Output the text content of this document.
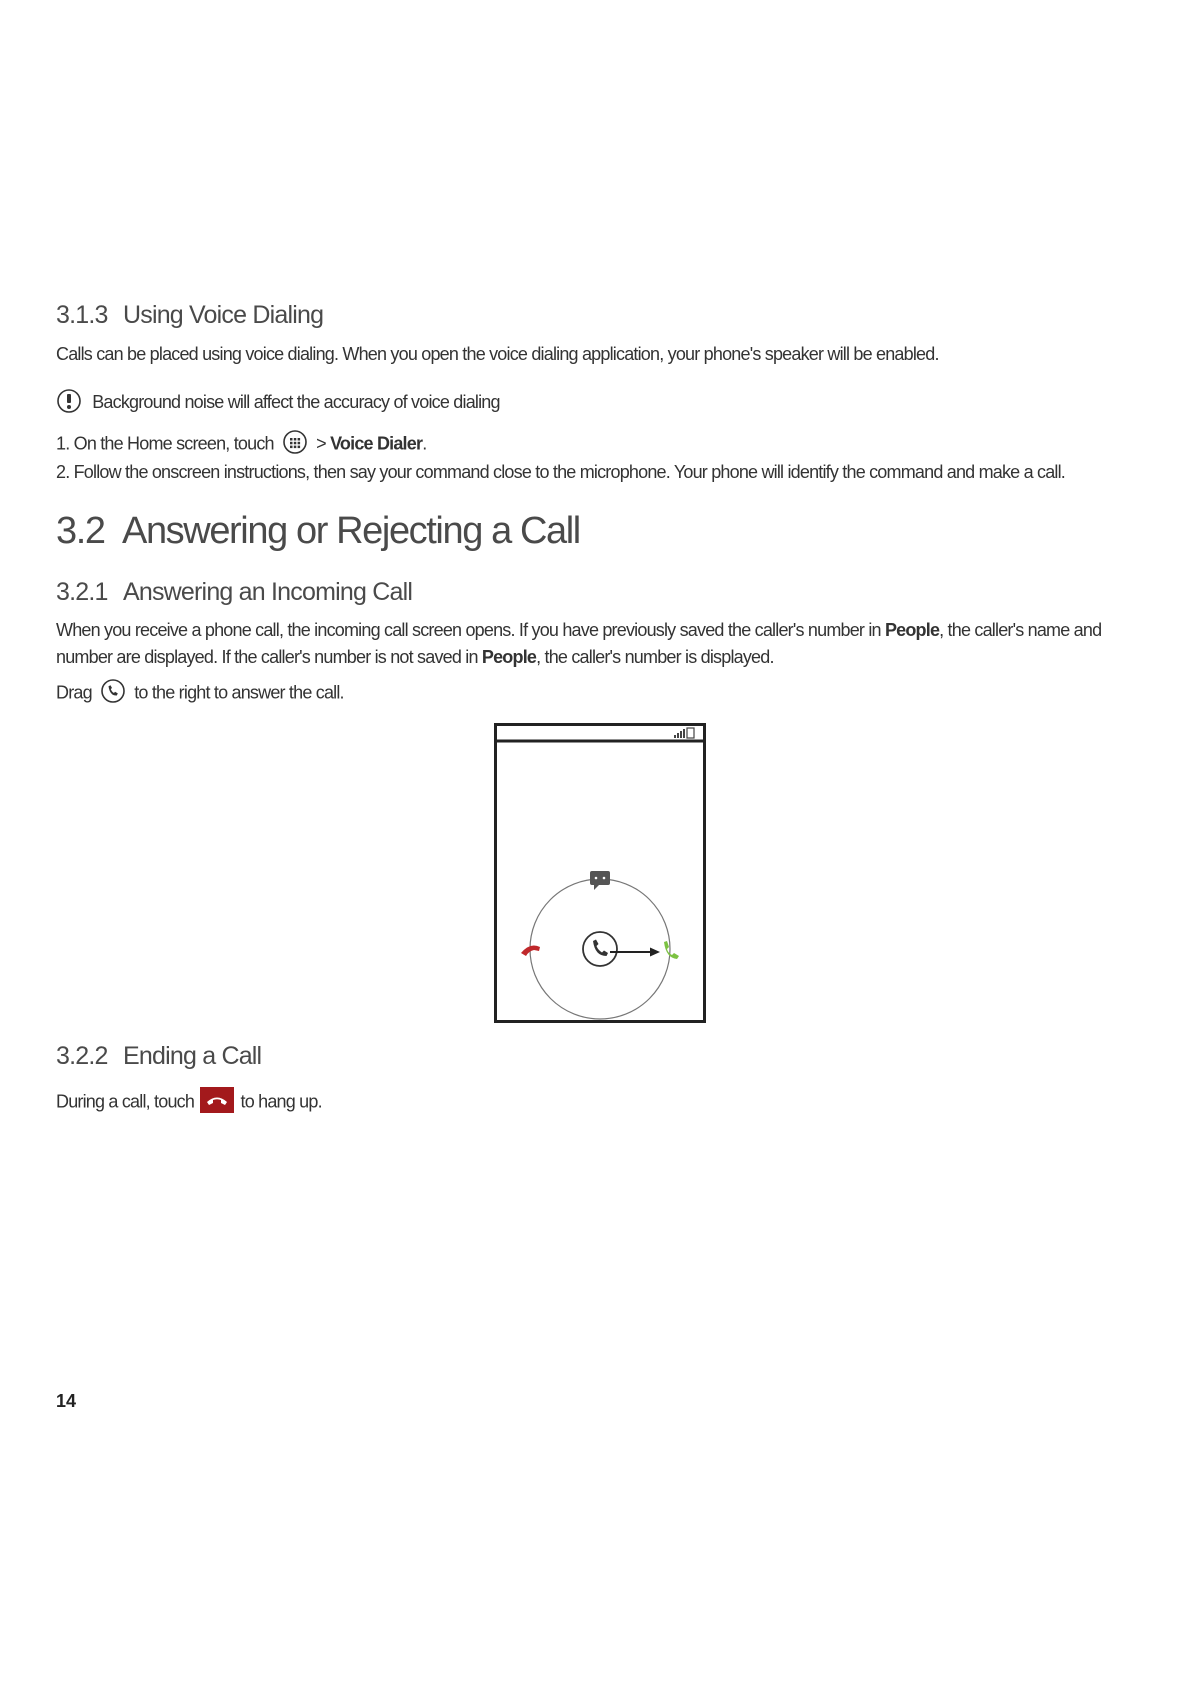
3.1.3 Using Voice Dialing
Calls can be placed using voice dialing. When you open the voice dialing application, your phone's speaker will be enabled.
Background noise will affect the accuracy of voice dialing
1. On the Home screen, touch  > Voice Dialer.
2. Follow the onscreen instructions, then say your command close to the microphone. Your phone will identify the command and make a call.
3.2 Answering or Rejecting a Call
3.2.1 Answering an Incoming Call
When you receive a phone call, the incoming call screen opens. If you have previously saved the caller's number in People, the caller's name and
number are displayed. If the caller's number is not saved in People, the caller's number is displayed.
Drag to the right to answer the call.
3.2.2 Ending a Call
During a call, touch	to hang up.
14
